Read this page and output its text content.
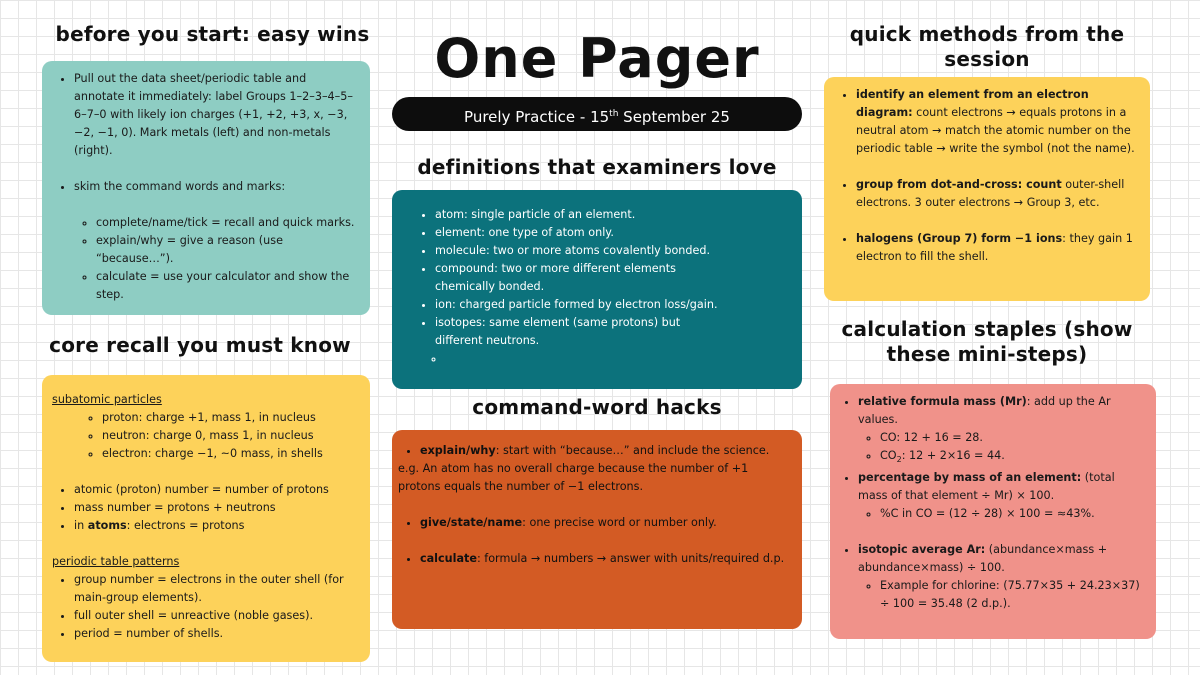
One Pager
Purely Practice - 15th September 25
before you start: easy wins
• Pull out the data sheet/periodic table and annotate it immediately: label Groups 1–2–3–4–5–6–7–0 with likely ion charges (+1, +2, +3, x, −3, −2, −1, 0). Mark metals (left) and non-metals (right).
• skim the command words and marks:
◦ complete/name/tick = recall and quick marks.
◦ explain/why = give a reason (use “because…”).
◦ calculate = use your calculator and show the step.
core recall you must know
subatomic particles
◦ proton: charge +1, mass 1, in nucleus
◦ neutron: charge 0, mass 1, in nucleus
◦ electron: charge −1, ~0 mass, in shells
• atomic (proton) number = number of protons
• mass number = protons + neutrons
• in atoms: electrons = protons
periodic table patterns
• group number = electrons in the outer shell (for main-group elements).
• full outer shell = unreactive (noble gases).
• period = number of shells.
definitions that examiners love
• atom: single particle of an element.
• element: one type of atom only.
• molecule: two or more atoms covalently bonded.
• compound: two or more different elements chemically bonded.
• ion: charged particle formed by electron loss/gain.
• isotopes: same element (same protons) but different neutrons.
◦
command-word hacks
• explain/why: start with “because…” and include the science.
e.g. An atom has no overall charge because the number of +1 protons equals the number of −1 electrons.
• give/state/name: one precise word or number only.
• calculate: formula → numbers → answer with units/required d.p.
quick methods from the session
• identify an element from an electron diagram: count electrons → equals protons in a neutral atom → match the atomic number on the periodic table → write the symbol (not the name).
• group from dot-and-cross: count outer-shell electrons. 3 outer electrons → Group 3, etc.
• halogens (Group 7) form −1 ions: they gain 1 electron to fill the shell.
calculation staples (show these mini-steps)
• relative formula mass (Mr): add up the Ar values.
◦ CO: 12 + 16 = 28.
◦ $CO_2$: 12 + 2×16 = 44.
• percentage by mass of an element: (total mass of that element ÷ Mr) × 100.
◦ %C in CO = (12 ÷ 28) × 100 = ≈43%.
• isotopic average Ar: (abundance×mass + abundance×mass) ÷ 100.
◦ Example for chlorine: (75.77×35 + 24.23×37) ÷ 100 = 35.48 (2 d.p.).
